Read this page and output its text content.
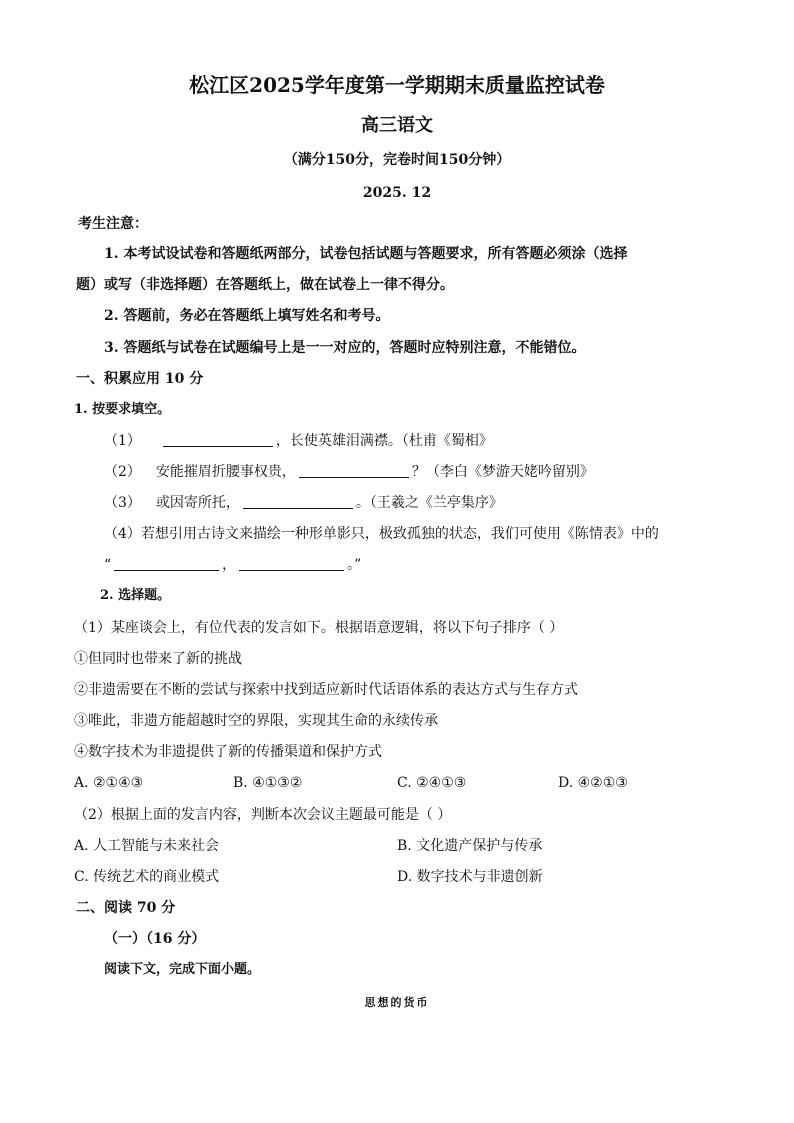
松江区2025学年度第一学期期末质量监控试卷
高三语文
（满分150分，完卷时间150分钟）
2025. 12
考生注意：
1. 本考试设试卷和答题纸两部分，试卷包括试题与答题要求，所有答题必须涂（选择
题）或写（非选择题）在答题纸上，做在试卷上一律不得分。
2. 答题前，务必在答题纸上填写姓名和考号。
3. 答题纸与试卷在试题编号上是一一对应的，答题时应特别注意，不能错位。
一、积累应用 10 分
1. 按要求填空。
（1）	，长使英雄泪满襟。（杜甫《蜀相》
（2） 安能摧眉折腰事权贵，	？（李白《梦游天姥吟留别》
（3） 或因寄所托，	。（王羲之《兰亭集序》
（4）若想引用古诗文来描绘一种形单影只，极致孤独的状态，我们可使用《陈情表》中的
“	，	。”
2. 选择题。
（1）某座谈会上，有位代表的发言如下。根据语意逻辑，将以下句子排序（ ）
①但同时也带来了新的挑战
②非遗需要在不断的尝试与探索中找到适应新时代话语体系的表达方式与生存方式
③唯此，非遗方能超越时空的界限，实现其生命的永续传承
④数字技术为非遗提供了新的传播渠道和保护方式
A. ②①④③	B. ④①③②	C. ②④①③	D. ④②①③
（2）根据上面的发言内容，判断本次会议主题最可能是（ ）
A. 人工智能与未来社会	B. 文化遗产保护与传承
C. 传统艺术的商业模式	D. 数字技术与非遗创新
二、阅读 70 分
（一）（16 分）
阅读下文，完成下面小题。
思想的货币
